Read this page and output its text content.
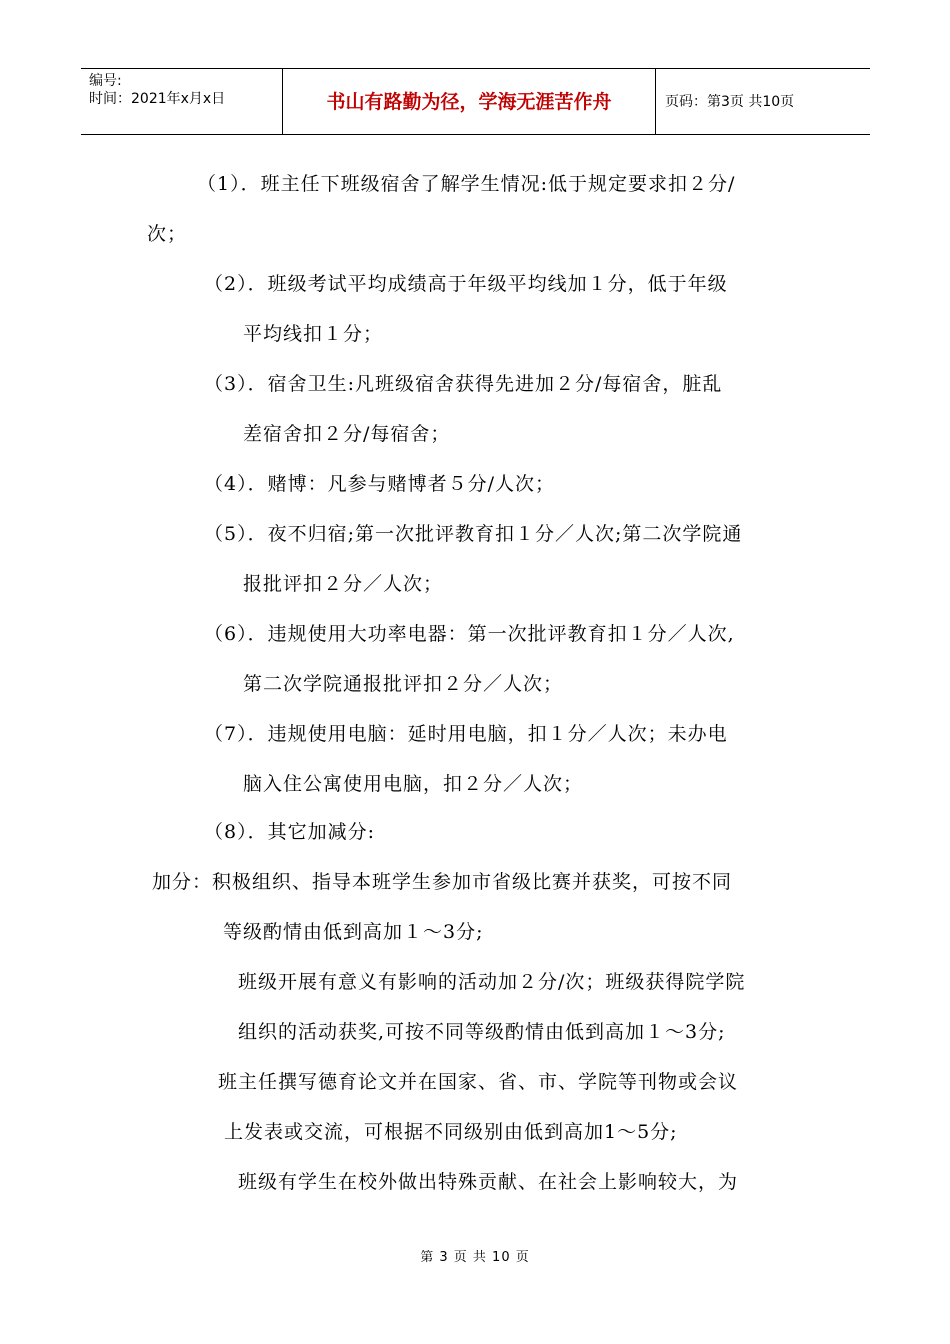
编号:
时间：2021年x月x日	书山有路勤为径，学海无涯苦作舟	页码：第3页 共10页
（1）．班主任下班级宿舍了解学生情况:低于规定要求扣２分/
次；
（2）．班级考试平均成绩高于年级平均线加１分，低于年级
平均线扣１分；
（3）．宿舍卫生:凡班级宿舍获得先进加２分/每宿舍，脏乱
差宿舍扣２分/每宿舍；
（4）．赌博：凡参与赌博者５分/人次；
（5）．夜不归宿;第一次批评教育扣１分／人次;第二次学院通
报批评扣２分／人次；
（6）．违规使用大功率电器：第一次批评教育扣１分／人次,
第二次学院通报批评扣２分／人次；
（7）．违规使用电脑：延时用电脑，扣１分／人次；未办电
脑入住公寓使用电脑，扣２分／人次；
（8）．其它加减分:
加分：积极组织、指导本班学生参加市省级比赛并获奖，可按不同
等级酌情由低到高加１～3分;
班级开展有意义有影响的活动加２分/次；班级获得院学院
组织的活动获奖,可按不同等级酌情由低到高加１～3分;
班主任撰写德育论文并在国家、省、市、学院等刊物或会议
上发表或交流，可根据不同级别由低到高加1～5分;
班级有学生在校外做出特殊贡献、在社会上影响较大，为
第 3 页 共 10 页
